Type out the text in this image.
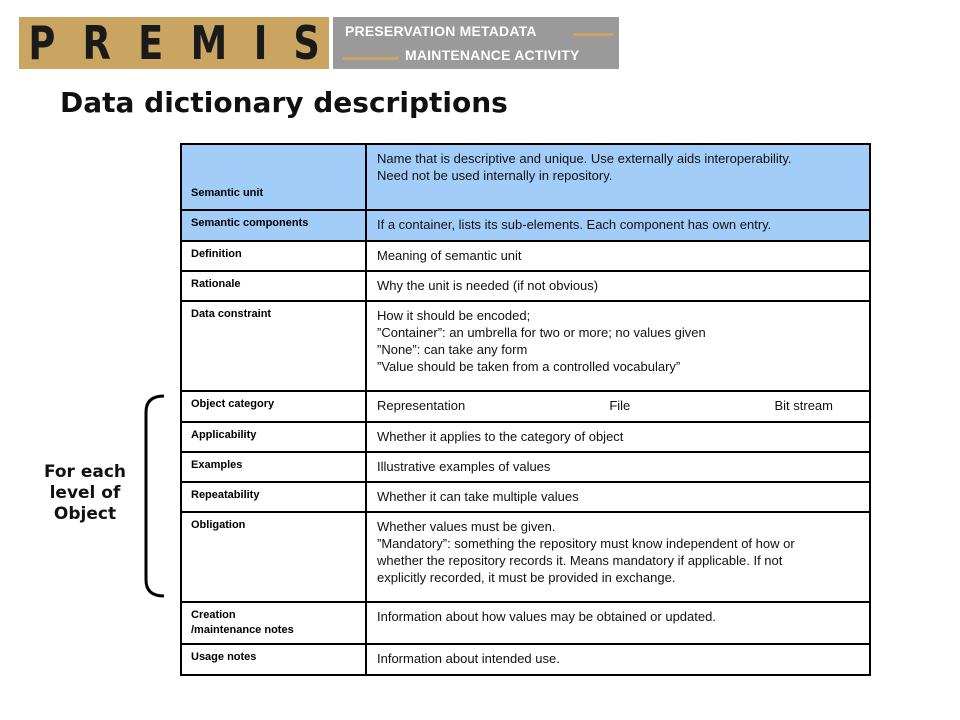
P R E M I S PRESERVATION METADATA
MAINTENANCE ACTIVITY
Data dictionary descriptions
For each
level of
Object
Semantic unit	Name that is descriptive and unique. Use externally aids interoperability.
Need not be used internally in repository.

Semantic components	If a container, lists its sub-elements. Each component has own entry.

Definition	Meaning of semantic unit

Rationale	Why the unit is needed (if not obvious)

Data constraint	How it should be encoded;
”Container”: an umbrella for two or more; no values given
”None”: can take any form
”Value should be taken from a controlled vocabulary”

Object category	Representation File Bit stream

Applicability	Whether it applies to the category of object

Examples	Illustrative examples of values

Repeatability	Whether it can take multiple values

Obligation	Whether values must be given.
”Mandatory”: something the repository must know independent of how or
whether the repository records it. Means mandatory if applicable. If not
explicitly recorded, it must be provided in exchange.

Creation
/maintenance notes	Information about how values may be obtained or updated.

Usage notes	Information about intended use.
